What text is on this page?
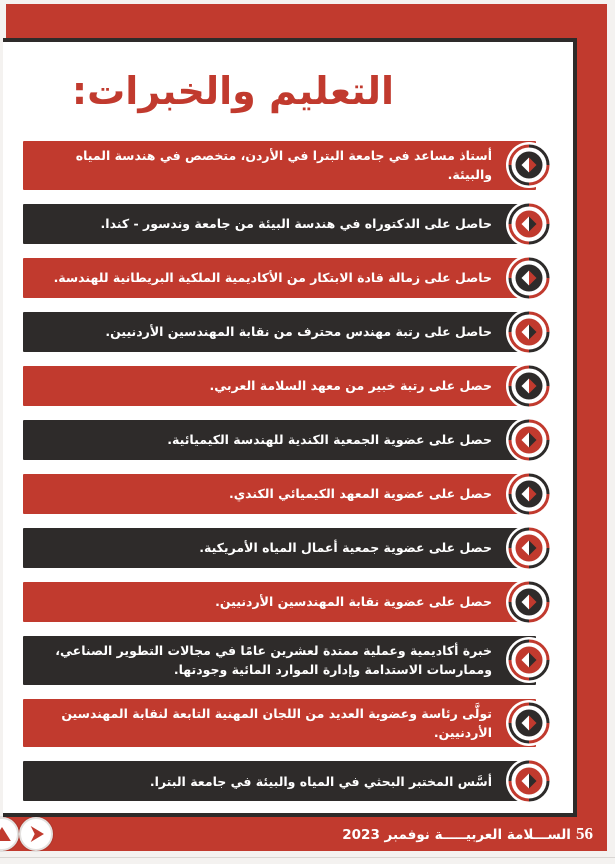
التعليم والخبرات:
أستاذ مساعد في جامعة البترا في الأردن، متخصص في هندسة المياه والبيئة.
حاصل على الدكتوراه في هندسة البيئة من جامعة وندسور - كندا.
حاصل على زمالة قادة الابتكار من الأكاديمية الملكية البريطانية للهندسة.
حاصل على رتبة مهندس محترف من نقابة المهندسين الأردنيين.
حصل على رتبة خبير من معهد السلامة العربي.
حصل على عضوية الجمعية الكندية للهندسة الكيميائية.
حصل على عضوية المعهد الكيميائي الكندي.
حصل على عضوية جمعية أعمال المياه الأمريكية.
حصل على عضوية نقابة المهندسين الأردنيين.
خبرة أكاديمية وعملية ممتدة لعشرين عامًا في مجالات التطوير الصناعي، وممارسات الاستدامة وإدارة الموارد المائية وجودتها.
تولَّى رئاسة وعضوية العديد من اللجان المهنية التابعة لنقابة المهندسين الأردنيين.
أسَّس المختبر البحثي في المياه والبيئة في جامعة البترا.
56 الســـلامة العربيـــــة نوفمبر 2023
